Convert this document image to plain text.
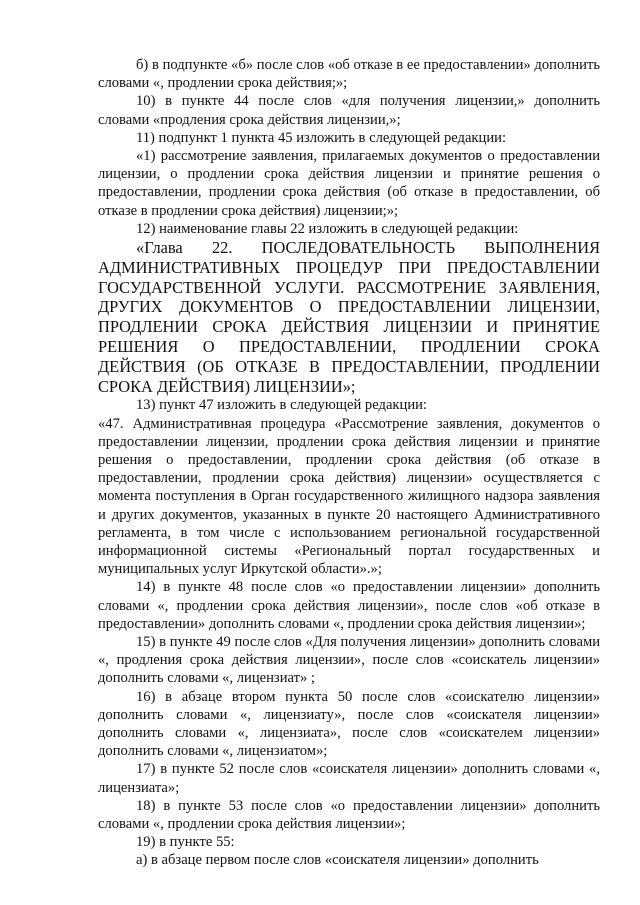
б) в подпункте «б» после слов «об отказе в ее предоставлении» дополнить словами «, продлении срока действия;»;

10) в пункте 44 после слов «для получения лицензии,» дополнить словами «продления срока действия лицензии,»;

11) подпункт 1 пункта 45 изложить в следующей редакции:

«1) рассмотрение заявления, прилагаемых документов о предоставлении лицензии, о продлении срока действия лицензии и принятие решения о предоставлении, продлении срока действия (об отказе в предоставлении, об отказе в продлении срока действия) лицензии;»;

12) наименование главы 22 изложить в следующей редакции:

«Глава 22. ПОСЛЕДОВАТЕЛЬНОСТЬ ВЫПОЛНЕНИЯ АДМИНИСТРАТИВНЫХ ПРОЦЕДУР ПРИ ПРЕДОСТАВЛЕНИИ ГОСУДАРСТВЕННОЙ УСЛУГИ. РАССМОТРЕНИЕ ЗАЯВЛЕНИЯ, ДРУГИХ ДОКУМЕНТОВ О ПРЕДОСТАВЛЕНИИ ЛИЦЕНЗИИ, ПРОДЛЕНИИ СРОКА ДЕЙСТВИЯ ЛИЦЕНЗИИ И ПРИНЯТИЕ РЕШЕНИЯ О ПРЕДОСТАВЛЕНИИ, ПРОДЛЕНИИ СРОКА ДЕЙСТВИЯ (ОБ ОТКАЗЕ В ПРЕДОСТАВЛЕНИИ, ПРОДЛЕНИИ СРОКА ДЕЙСТВИЯ) ЛИЦЕНЗИИ»;

13) пункт 47 изложить в следующей редакции:

«47. Административная процедура «Рассмотрение заявления, документов о предоставлении лицензии, продлении срока действия лицензии и принятие решения о предоставлении, продлении срока действия (об отказе в предоставлении, продлении срока действия) лицензии» осуществляется с момента поступления в Орган государственного жилищного надзора заявления и других документов, указанных в пункте 20 настоящего Административного регламента, в том числе с использованием региональной государственной информационной системы «Региональный портал государственных и муниципальных услуг Иркутской области».»;

14) в пункте 48 после слов «о предоставлении лицензии» дополнить словами «, продлении срока действия лицензии», после слов «об отказе в предоставлении» дополнить словами «, продлении срока действия лицензии»;

15) в пункте 49 после слов «Для получения лицензии» дополнить словами «, продления срока действия лицензии», после слов «соискатель лицензии» дополнить словами «, лицензиат» ;

16) в абзаце втором пункта 50 после слов «соискателю лицензии» дополнить словами «, лицензиату», после слов «соискателя лицензии» дополнить словами «, лицензиата», после слов «соискателем лицензии» дополнить словами «, лицензиатом»;

17) в пункте 52 после слов «соискателя лицензии» дополнить словами «, лицензиата»;

18) в пункте 53 после слов «о предоставлении лицензии» дополнить словами «, продлении срока действия лицензии»;

19) в пункте 55:

а) в абзаце первом после слов «соискателя лицензии» дополнить
